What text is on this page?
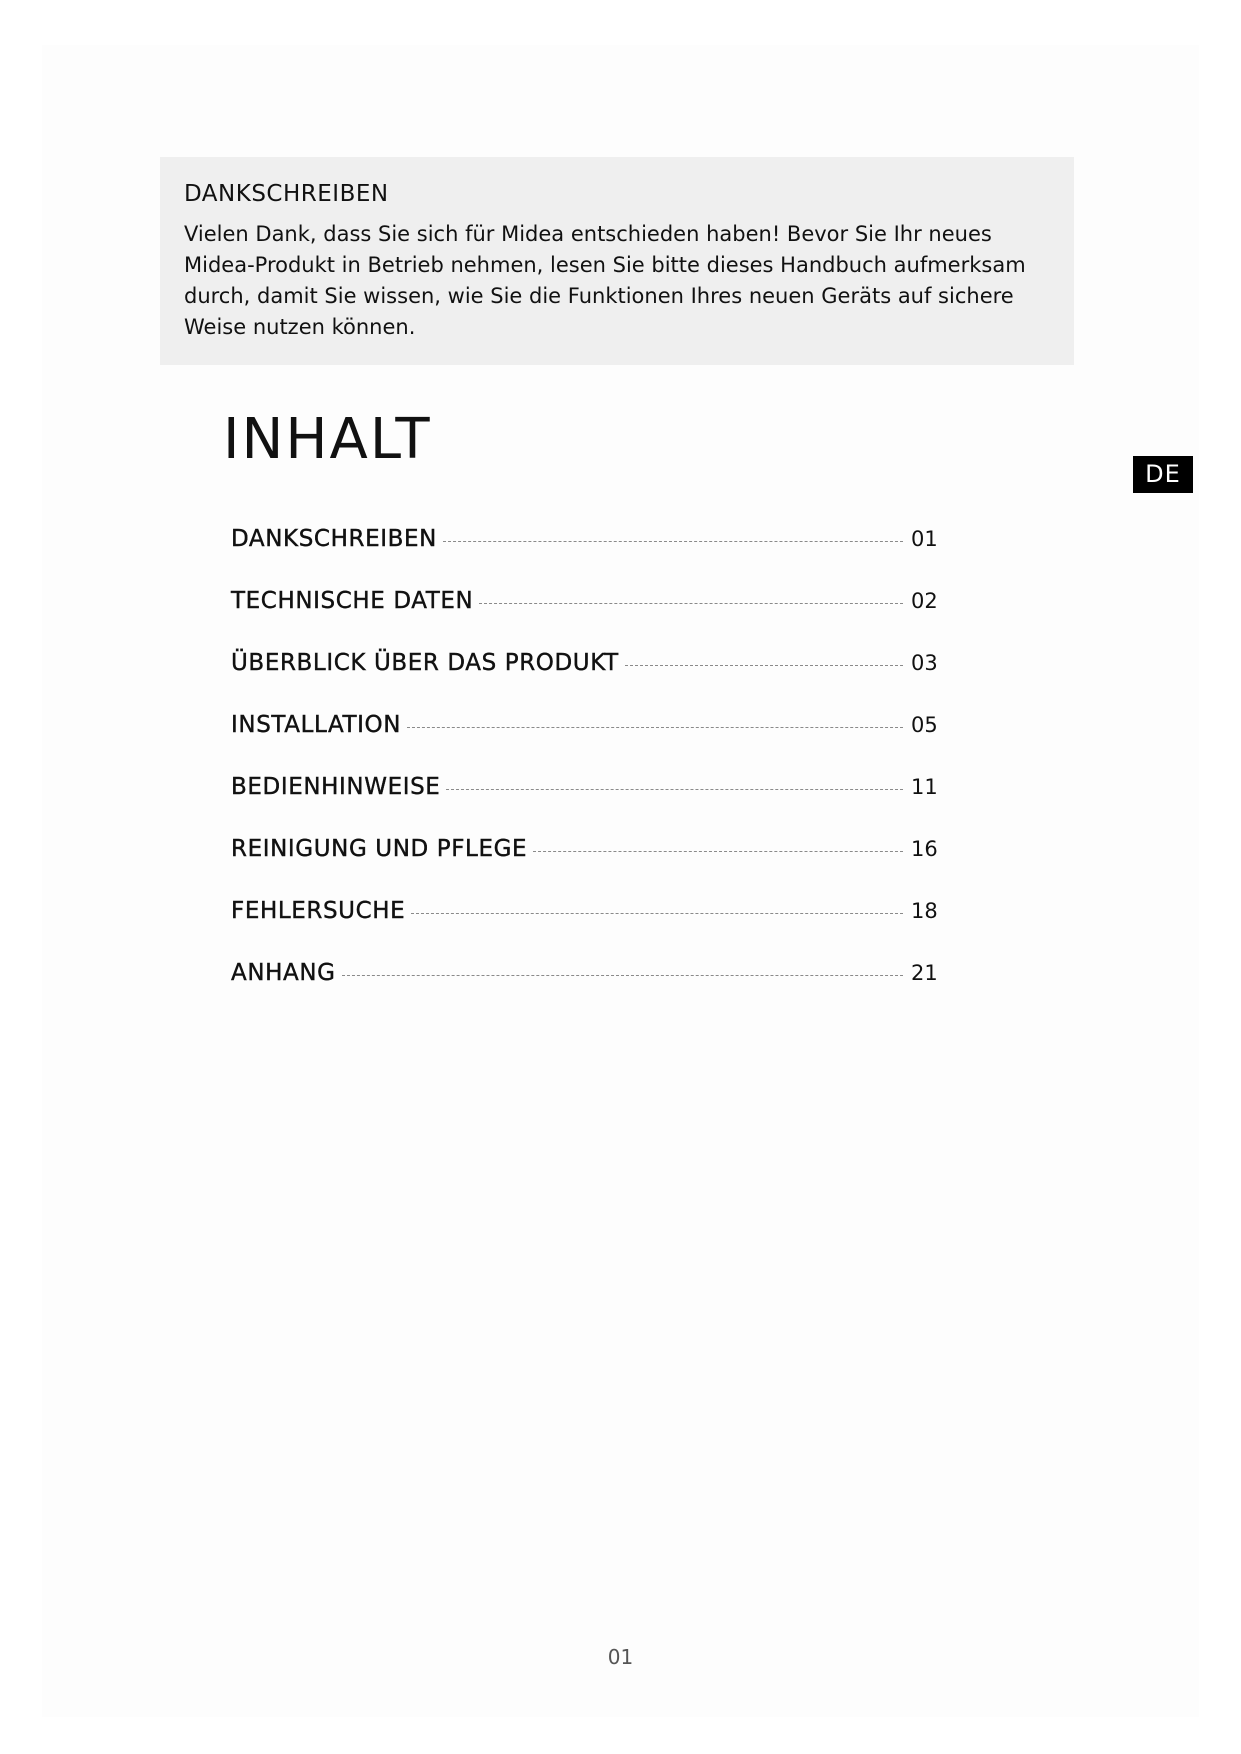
DANKSCHREIBEN

Vielen Dank, dass Sie sich für Midea entschieden haben! Bevor Sie Ihr neues Midea-Produkt in Betrieb nehmen, lesen Sie bitte dieses Handbuch aufmerksam durch, damit Sie wissen, wie Sie die Funktionen Ihres neuen Geräts auf sichere Weise nutzen können.

INHALT
DE
DANKSCHREIBEN	01
TECHNISCHE DATEN	02
ÜBERBLICK ÜBER DAS PRODUKT	03
INSTALLATION	05
BEDIENHINWEISE	11
REINIGUNG UND PFLEGE	16
FEHLERSUCHE	18
ANHANG	21
01
